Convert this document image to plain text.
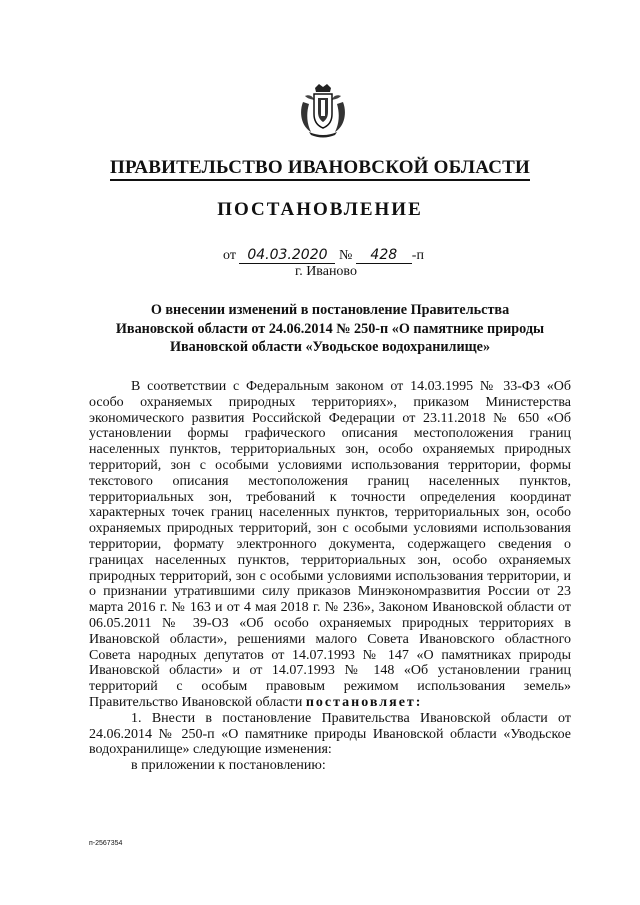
ПРАВИТЕЛЬСТВО ИВАНОВСКОЙ ОБЛАСТИ
ПОСТАНОВЛЕНИЕ
от 04.03.2020 № 428 -п
г. Иваново
О внесении изменений в постановление Правительства
Ивановской области от 24.06.2014 № 250-п «О памятнике природы
Ивановской области «Уводьское водохранилище»

В соответствии с Федеральным законом от 14.03.1995 № 33-ФЗ «Об особо охраняемых природных территориях», приказом Министерства экономического развития Российской Федерации от 23.11.2018 № 650 «Об установлении формы графического описания местоположения границ населенных пунктов, территориальных зон, особо охраняемых природных территорий, зон с особыми условиями использования территории, формы текстового описания местоположения границ населенных пунктов, территориальных зон, требований к точности определения координат характерных точек границ населенных пунктов, территориальных зон, особо охраняемых природных территорий, зон с особыми условиями использования территории, формату электронного документа, содержащего сведения о границах населенных пунктов, территориальных зон, особо охраняемых природных территорий, зон с особыми условиями использования территории, и о признании утратившими силу приказов Минэкономразвития России от 23 марта 2016 г. № 163 и от 4 мая 2018 г. № 236», Законом Ивановской области от 06.05.2011 № 39-ОЗ «Об особо охраняемых природных территориях в Ивановской области», решениями малого Совета Ивановского областного Совета народных депутатов от 14.07.1993 № 147 «О памятниках природы Ивановской области» и от 14.07.1993 № 148 «Об установлении границ территорий с особым правовым режимом использования земель» Правительство Ивановской области постановляет:

1. Внести в постановление Правительства Ивановской области от 24.06.2014 № 250-п «О памятнике природы Ивановской области «Уводьское водохранилище» следующие изменения:

в приложении к постановлению:

п-2567354
